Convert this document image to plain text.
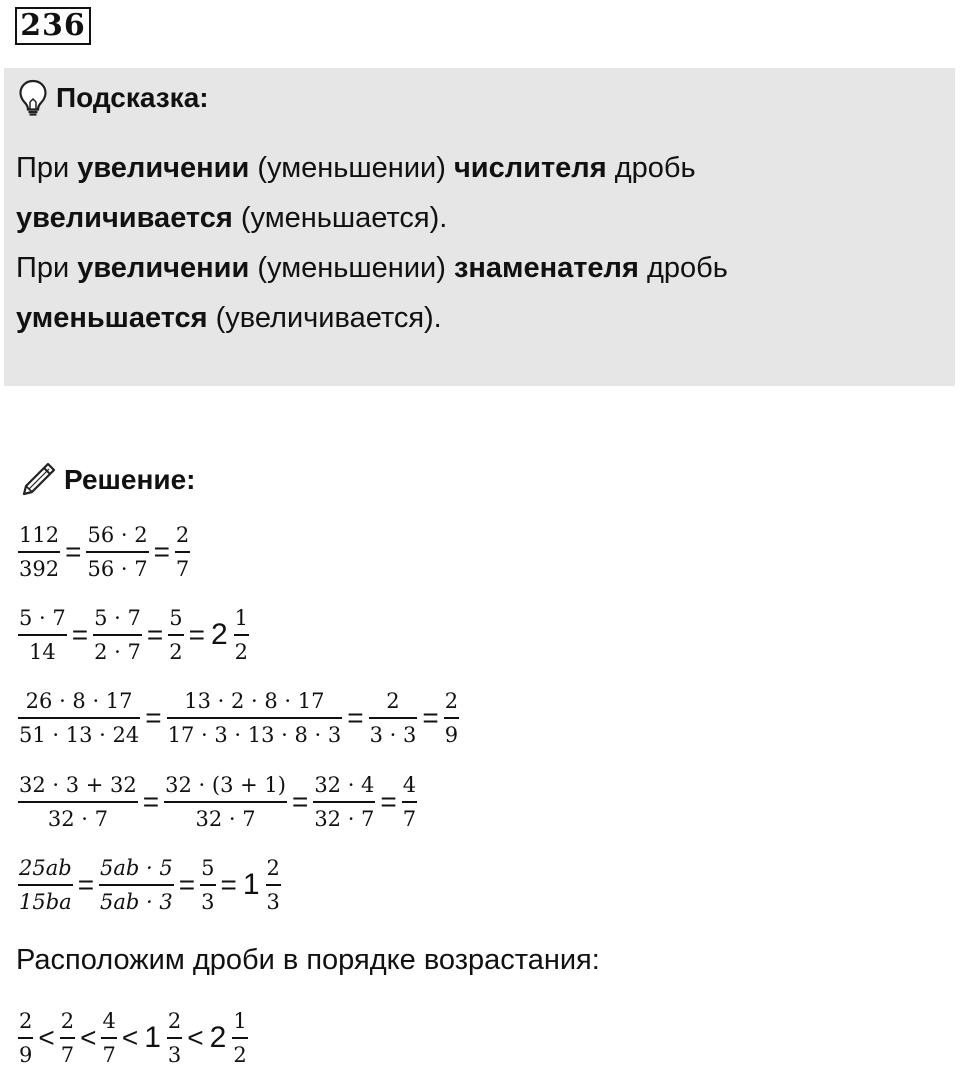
236
Подсказка:

При увеличении (уменьшении) числителя дробь

увеличивается (уменьшается).

При увеличении (уменьшении) знаменателя дробь

уменьшается (увеличивается).

Решение:
$\frac{112}{392} = \frac{56 \cdot 2}{56 \cdot 7} = \frac{2}{7}$
$\frac{5 \cdot 7}{14} = \frac{5 \cdot 7}{2 \cdot 7} = \frac{5}{2} = 2 \frac{1}{2}$
$\frac{26 \cdot 8 \cdot 17}{51 \cdot 13 \cdot 24} = \frac{13 \cdot 2 \cdot 8 \cdot 17}{17 \cdot 3 \cdot 13 \cdot 8 \cdot 3} = \frac{2}{3 \cdot 3} = \frac{2}{9}$
$\frac{32 \cdot 3 + 32}{32 \cdot 7} = \frac{32 \cdot (3 + 1)}{32 \cdot 7} = \frac{32 \cdot 4}{32 \cdot 7} = \frac{4}{7}$
$\frac{25ab}{15ba} = \frac{5ab \cdot 5}{5ab \cdot 3} = \frac{5}{3} = 1 \frac{2}{3}$
Расположим дроби в порядке возрастания:
$\frac{2}{9} < \frac{2}{7} < \frac{4}{7} < 1 \frac{2}{3} < 2 \frac{1}{2}$
